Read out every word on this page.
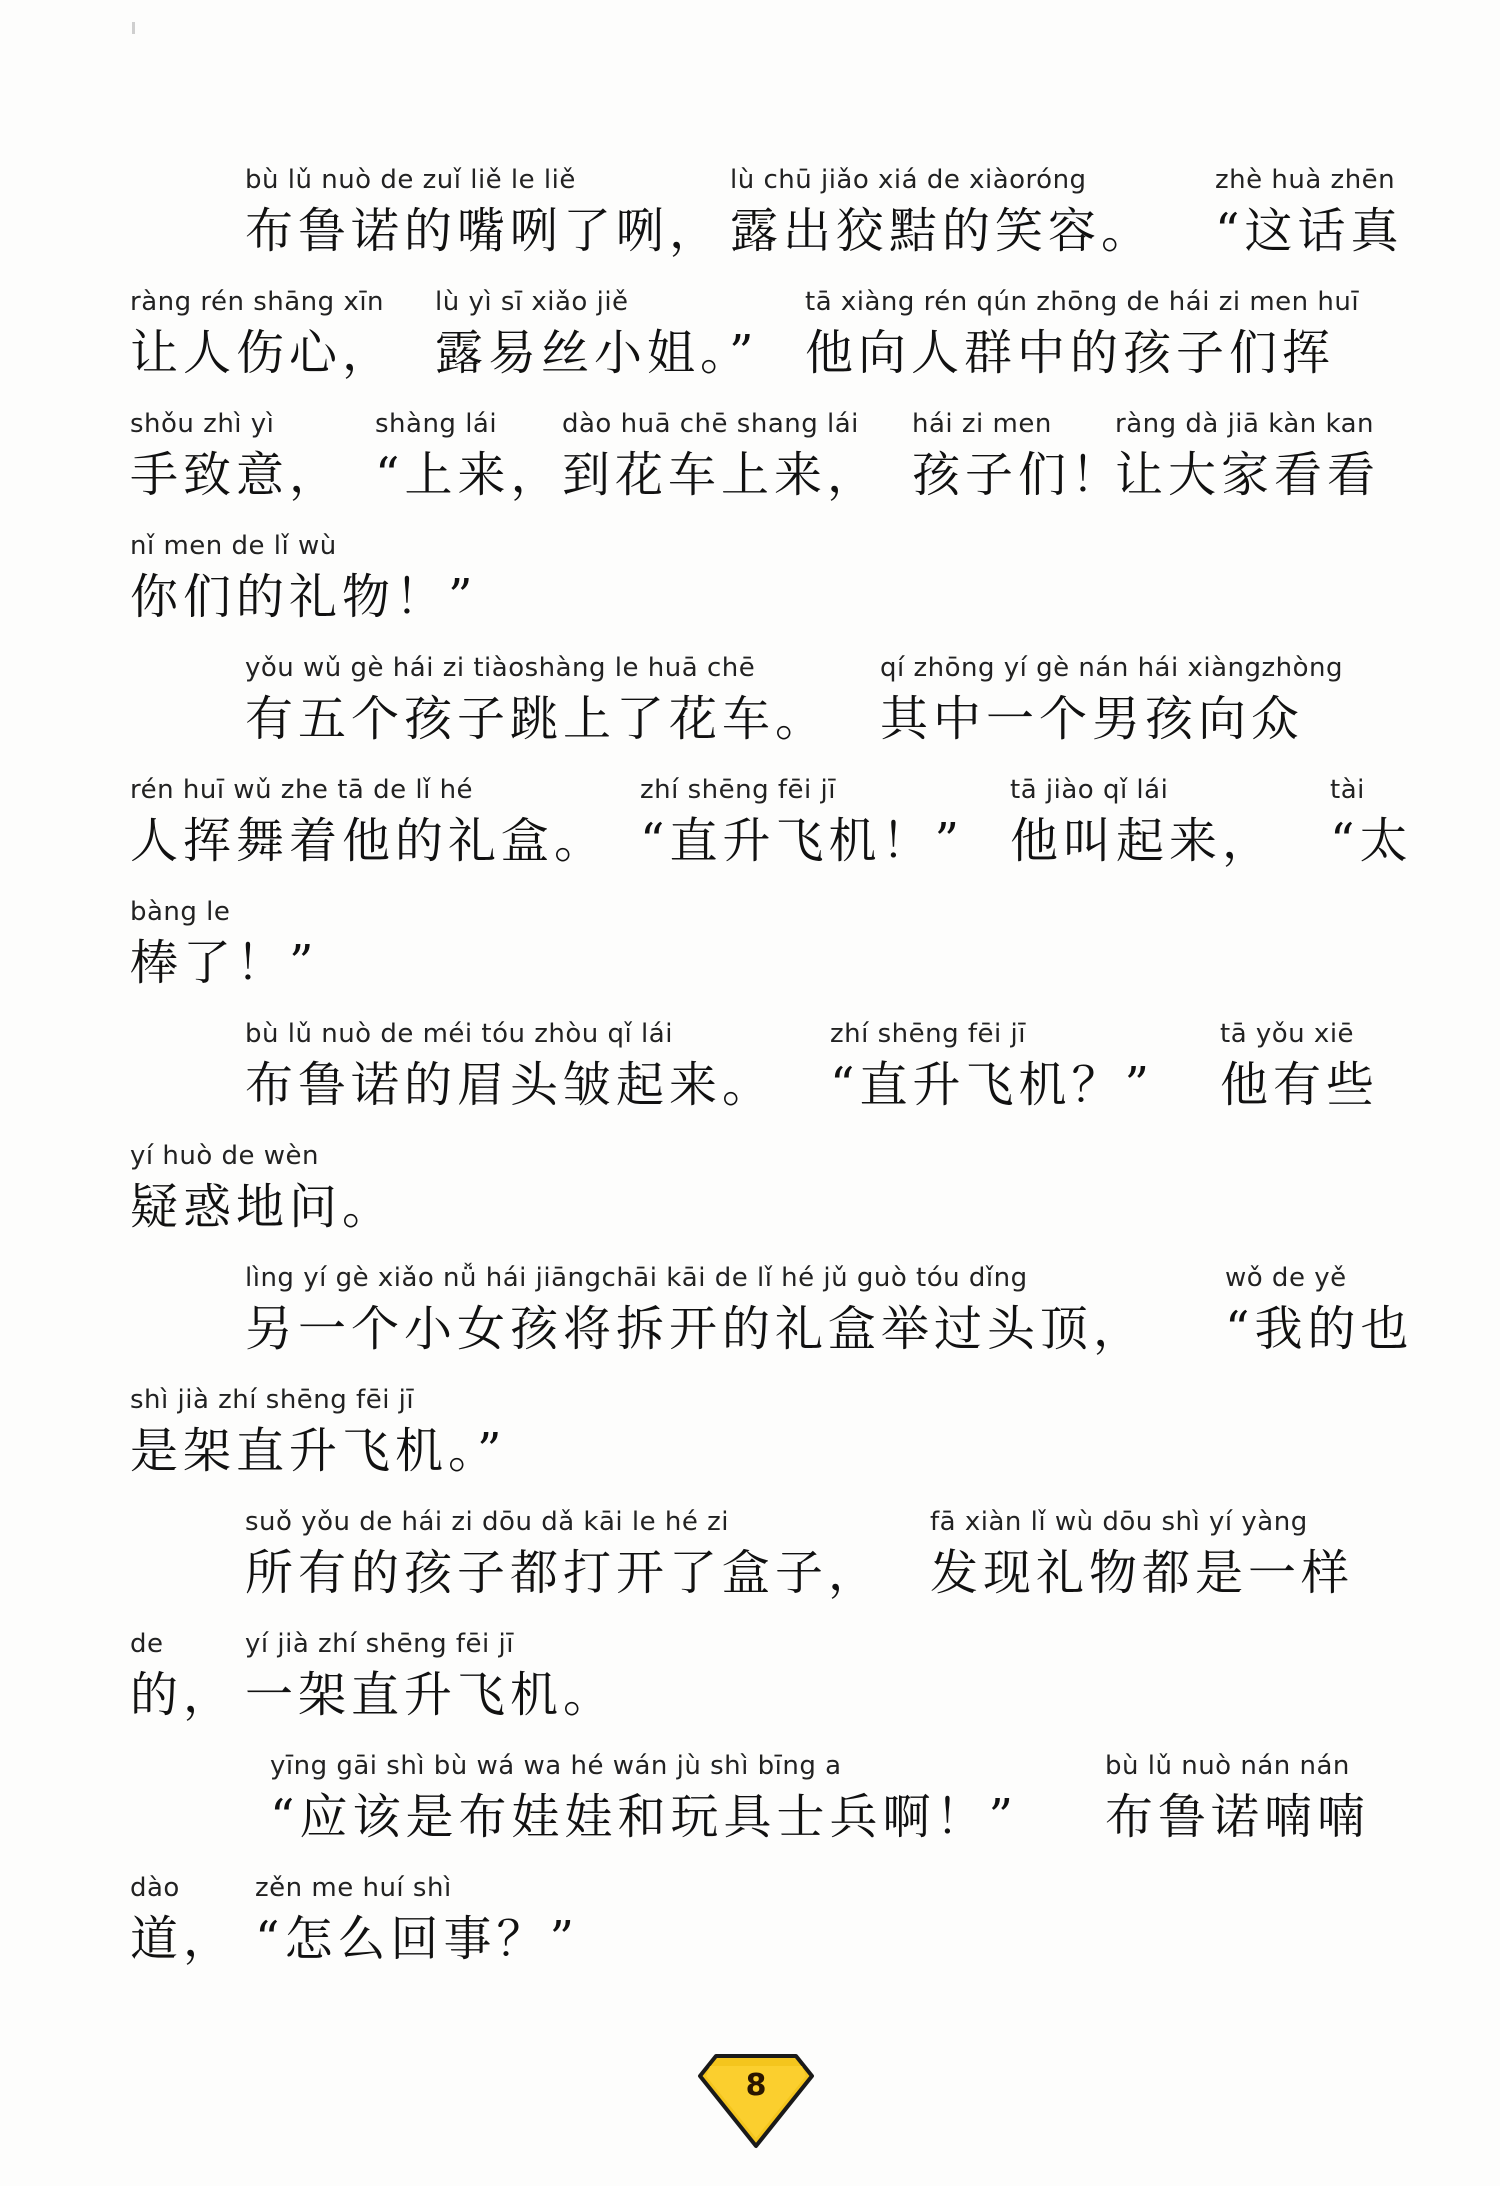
bù lǔ nuò de zuǐ liě le liě
布鲁诺的嘴咧了咧，
lù chū jiǎo xiá de xiàoróng
露出狡黠的笑容。
zhè huà zhēn
“这话真
ràng rén shāng xīn
让人伤心，
lù yì sī xiǎo jiě
露易丝小姐。”
tā xiàng rén qún zhōng de hái zi men huī
他向人群中的孩子们挥
shǒu zhì yì
手致意，
shàng lái
“上来，
dào huā chē shang lái
到花车上来，
hái zi men
孩子们！
ràng dà jiā kàn kan
让大家看看
nǐ men de lǐ wù
你们的礼物！”
yǒu wǔ gè hái zi tiàoshàng le huā chē
有五个孩子跳上了花车。
qí zhōng yí gè nán hái xiàngzhòng
其中一个男孩向众
rén huī wǔ zhe tā de lǐ hé
人挥舞着他的礼盒。
zhí shēng fēi jī
“直升飞机！”
tā jiào qǐ lái
他叫起来，
tài
“太
bàng le
棒了！”
bù lǔ nuò de méi tóu zhòu qǐ lái
布鲁诺的眉头皱起来。
zhí shēng fēi jī
“直升飞机？”
tā yǒu xiē
他有些
yí huò de wèn
疑惑地问。
lìng yí gè xiǎo nǚ hái jiāngchāi kāi de lǐ hé jǔ guò tóu dǐng
另一个小女孩将拆开的礼盒举过头顶，
wǒ de yě
“我的也
shì jià zhí shēng fēi jī
是架直升飞机。”
suǒ yǒu de hái zi dōu dǎ kāi le hé zi
所有的孩子都打开了盒子，
fā xiàn lǐ wù dōu shì yí yàng
发现礼物都是一样
de
的，
yí jià zhí shēng fēi jī
一架直升飞机。
yīng gāi shì bù wá wa hé wán jù shì bīng a
“应该是布娃娃和玩具士兵啊！”
bù lǔ nuò nán nán
布鲁诺喃喃
dào
道，
zěn me huí shì
“怎么回事？”
8
